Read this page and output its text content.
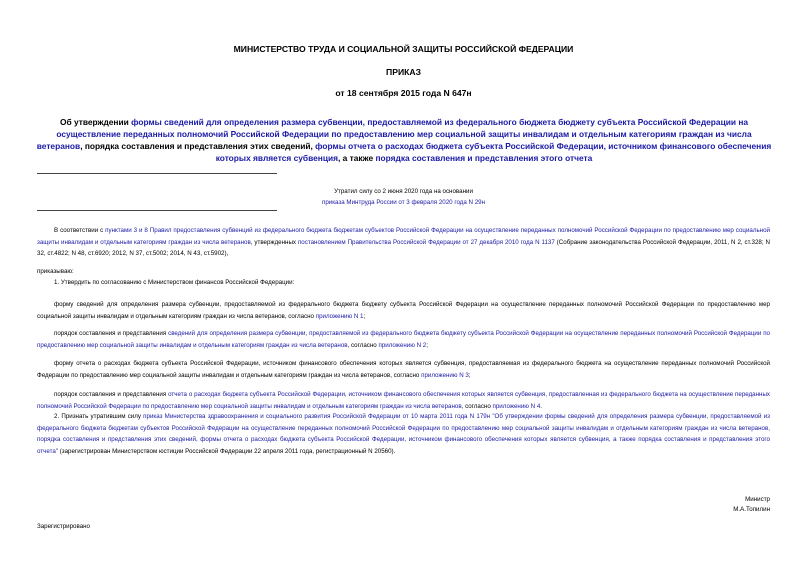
МИНИСТЕРСТВО ТРУДА И СОЦИАЛЬНОЙ ЗАЩИТЫ РОССИЙСКОЙ ФЕДЕРАЦИИ
ПРИКАЗ
от 18 сентября 2015 года N 647н
Об утверждении формы сведений для определения размера субвенции, предоставляемой из федерального бюджета бюджету субъекта Российской Федерации на осуществление переданных полномочий Российской Федерации по предоставлению мер социальной защиты инвалидам и отдельным категориям граждан из числа ветеранов, порядка составления и представления этих сведений, формы отчета о расходах бюджета субъекта Российской Федерации, источником финансового обеспечения которых является субвенция, а также порядка составления и представления этого отчета
Утратил силу со 2 июня 2020 года на основании
приказа Минтруда России от 3 февраля 2020 года N 29н
В соответствии с пунктами 3 и 8 Правил предоставления субвенций из федерального бюджета бюджетам субъектов Российской Федерации на осуществление переданных полномочий Российской Федерации по предоставлению мер социальной защиты инвалидам и отдельным категориям граждан из числа ветеранов, утвержденных постановлением Правительства Российской Федерации от 27 декабря 2010 года N 1137 (Собрание законодательства Российской Федерации, 2011, N 2, ст.328; N 32, ст.4822; N 48, ст.6920; 2012, N 37, ст.5002; 2014, N 43, ст.5902),
приказываю:
1. Утвердить по согласованию с Министерством финансов Российской Федерации:
форму сведений для определения размера субвенции, предоставляемой из федерального бюджета бюджету субъекта Российской Федерации на осуществление переданных полномочий Российской Федерации по предоставлению мер социальной защиты инвалидам и отдельным категориям граждан из числа ветеранов, согласно приложению N 1;
порядок составления и представления сведений для определения размера субвенции, предоставляемой из федерального бюджета бюджету субъекта Российской Федерации на осуществление переданных полномочий Российской Федерации по предоставлению мер социальной защиты инвалидам и отдельным категориям граждан из числа ветеранов, согласно приложению N 2;
форму отчета о расходах бюджета субъекта Российской Федерации, источником финансового обеспечения которых является субвенция, предоставляемая из федерального бюджета на осуществление переданных полномочий Российской Федерации по предоставлению мер социальной защиты инвалидам и отдельным категориям граждан из числа ветеранов, согласно приложению N 3;
порядок составления и представления отчета о расходах бюджета субъекта Российской Федерации, источником финансового обеспечения которых является субвенция, предоставленная из федерального бюджета на осуществление переданных полномочий Российской Федерации по предоставлению мер социальной защиты инвалидам и отдельным категориям граждан из числа ветеранов, согласно приложению N 4.
2. Признать утратившим силу приказ Министерства здравоохранения и социального развития Российской Федерации от 10 марта 2011 года N 179н "Об утверждении формы сведений для определения размера субвенции, предоставляемой из федерального бюджета бюджетам субъектов Российской Федерации на осуществление переданных полномочий Российской Федерации по предоставлению мер социальной защиты инвалидам и отдельным категориям граждан из числа ветеранов, порядка составления и представления этих сведений, формы отчета о расходах бюджета субъекта Российской Федерации, источником финансового обеспечения которых является субвенция, а также порядка составления и представления этого отчета" (зарегистрирован Министерством юстиции Российской Федерации 22 апреля 2011 года, регистрационный N 20560).
Министр
М.А.Топилин
Зарегистрировано
